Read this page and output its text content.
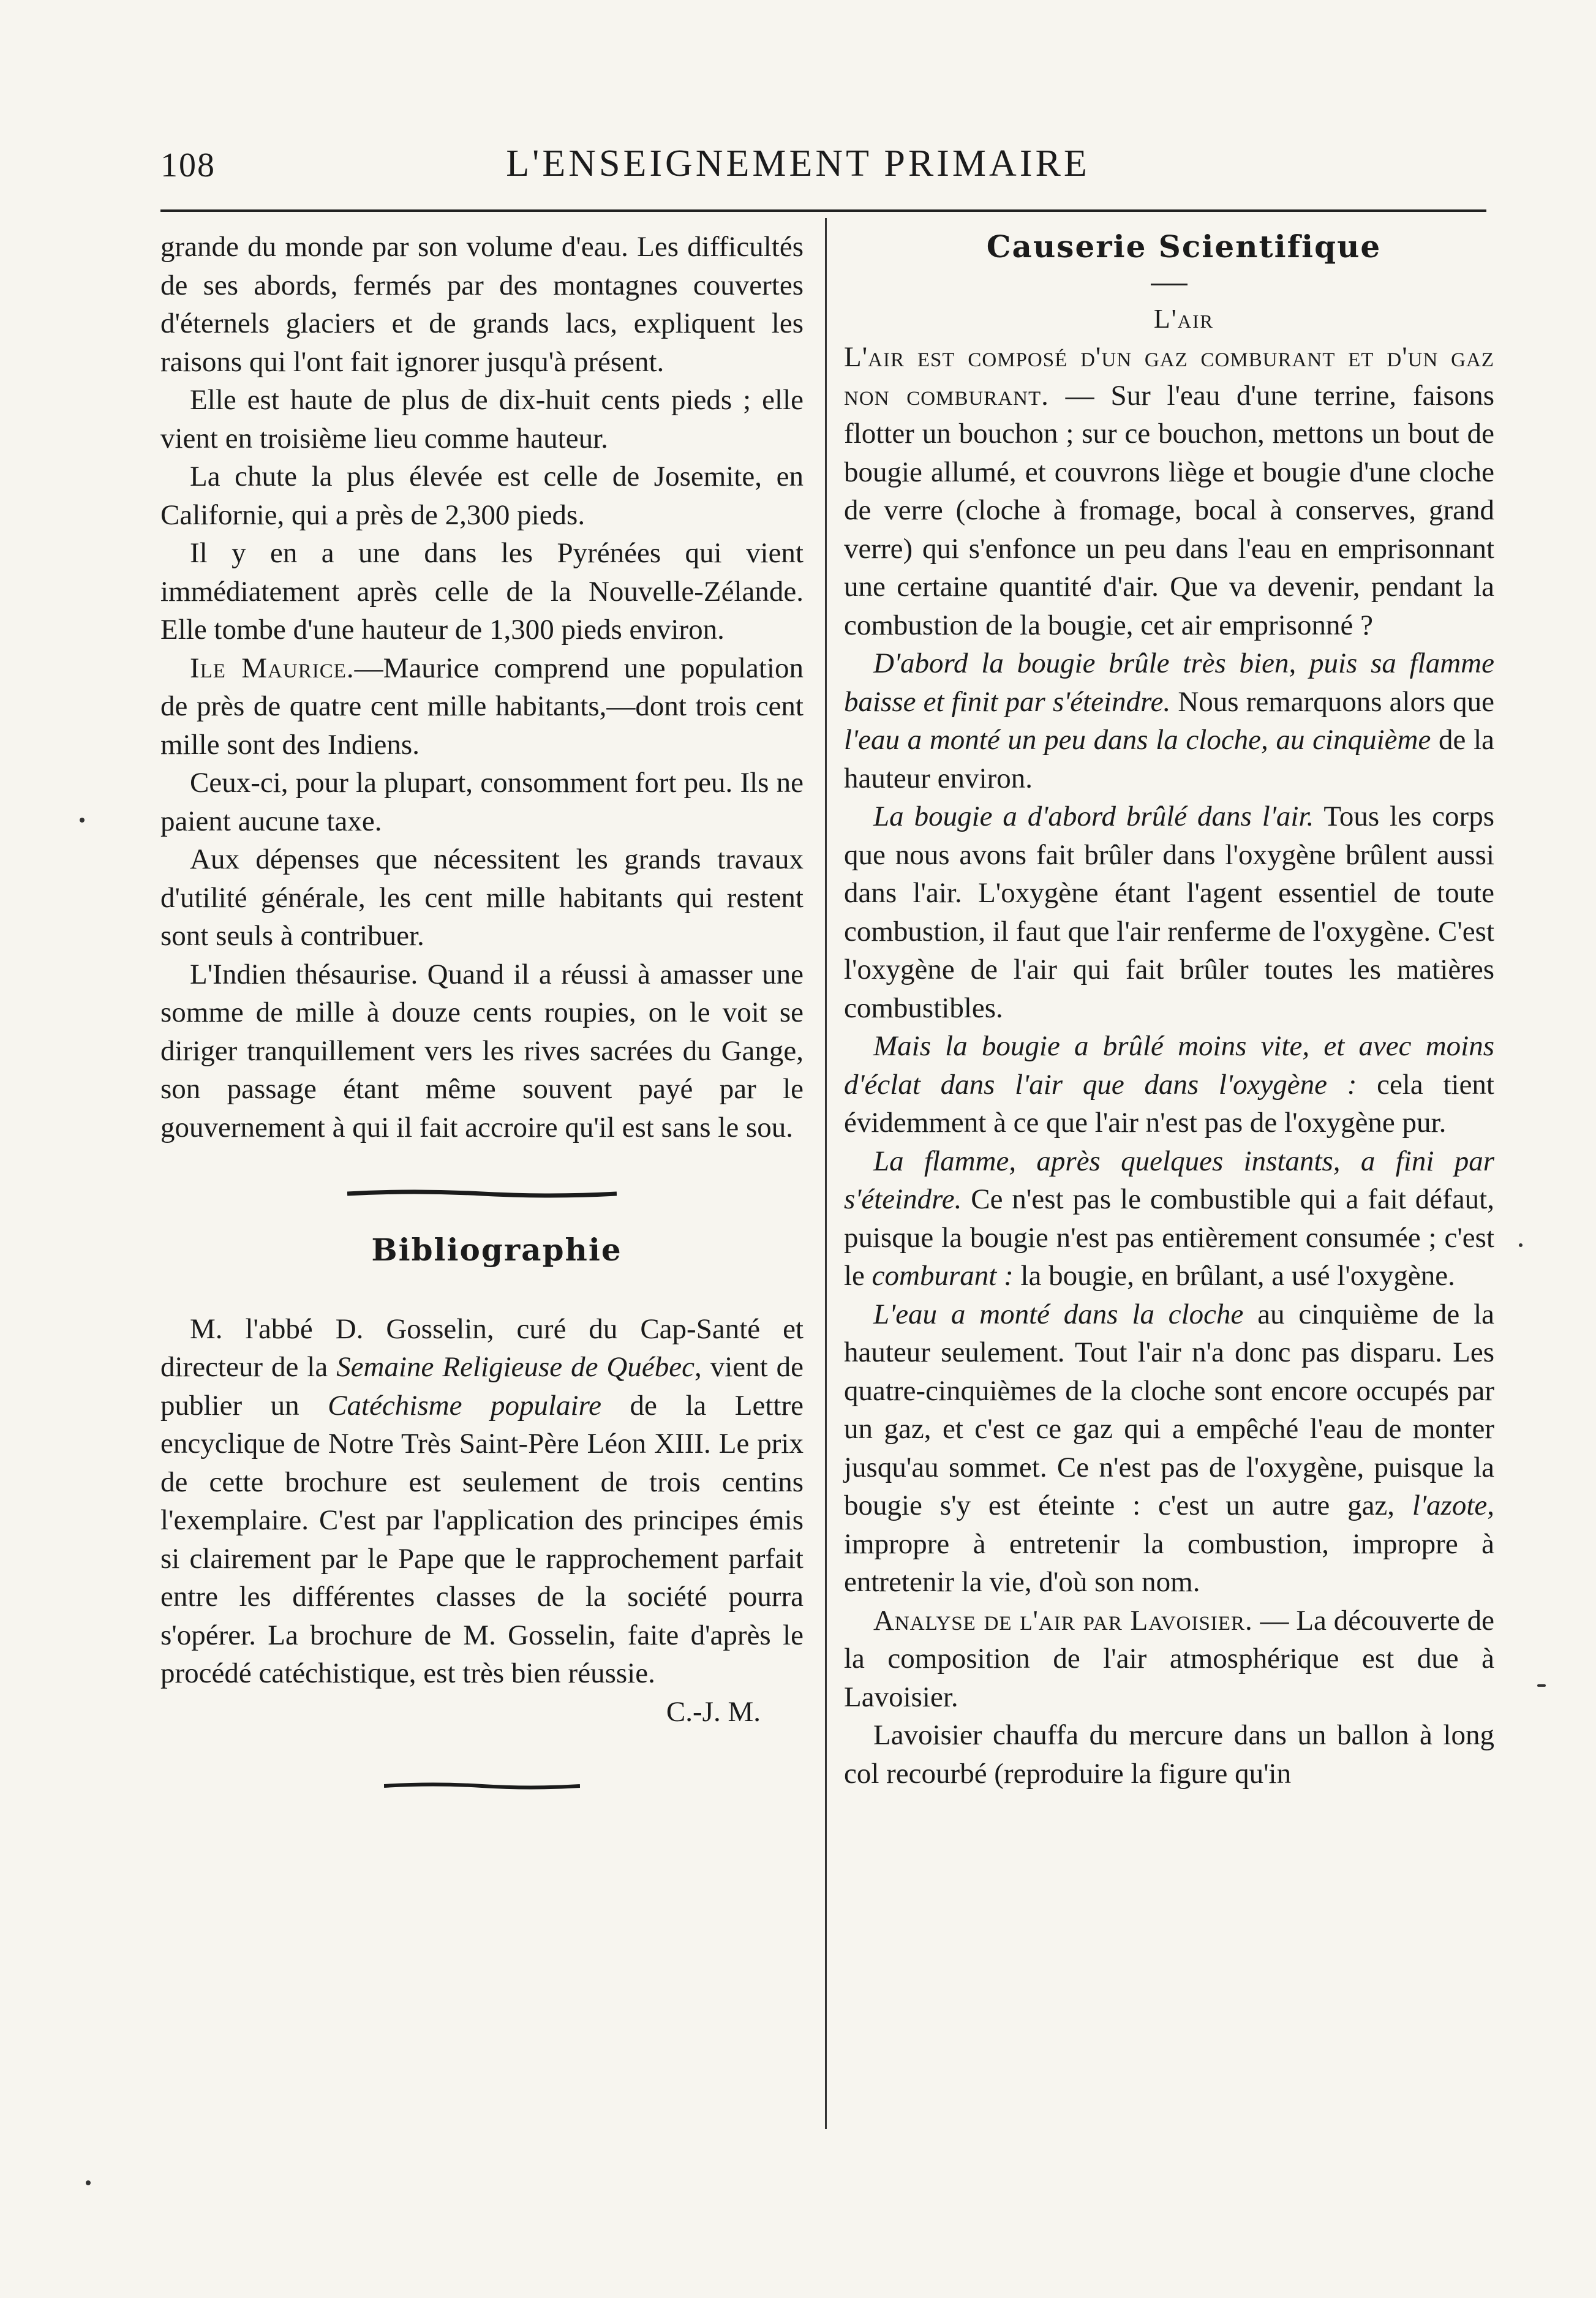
108	L'ENSEIGNEMENT PRIMAIRE

grande du monde par son volume d'eau. Les difficultés de ses abords, fermés par des montagnes couvertes d'éternels glaciers et de grands lacs, expliquent les raisons qui l'ont fait ignorer jusqu'à présent.

Elle est haute de plus de dix-huit cents pieds ; elle vient en troisième lieu comme hauteur.

La chute la plus élevée est celle de Josemite, en Californie, qui a près de 2,300 pieds.

Il y en a une dans les Pyrénées qui vient immédiatement après celle de la Nouvelle-Zélande. Elle tombe d'une hauteur de 1,300 pieds environ.

Ile Maurice.—Maurice comprend une population de près de quatre cent mille habitants,—dont trois cent mille sont des Indiens.

Ceux-ci, pour la plupart, consomment fort peu. Ils ne paient aucune taxe.

Aux dépenses que nécessitent les grands travaux d'utilité générale, les cent mille habitants qui restent sont seuls à contribuer.

L'Indien thésaurise. Quand il a réussi à amasser une somme de mille à douze cents roupies, on le voit se diriger tranquillement vers les rives sacrées du Gange, son passage étant même souvent payé par le gouvernement à qui il fait accroire qu'il est sans le sou.

Bibliographie

M. l'abbé D. Gosselin, curé du Cap-Santé et directeur de la Semaine Religieuse de Québec, vient de publier un Catéchisme populaire de la Lettre encyclique de Notre Très Saint-Père Léon XIII. Le prix de cette brochure est seulement de trois centins l'exemplaire. C'est par l'application des principes émis si clairement par le Pape que le rapprochement parfait entre les différentes classes de la société pourra s'opérer. La brochure de M. Gosselin, faite d'après le procédé catéchistique, est très bien réussie.

C.-J. M.

Causerie Scientifique

L'air

L'air est composé d'un gaz comburant et d'un gaz non comburant. — Sur l'eau d'une terrine, faisons flotter un bouchon ; sur ce bouchon, mettons un bout de bougie allumé, et couvrons liège et bougie d'une cloche de verre (cloche à fromage, bocal à conserves, grand verre) qui s'enfonce un peu dans l'eau en emprisonnant une certaine quantité d'air. Que va devenir, pendant la combustion de la bougie, cet air emprisonné ?

D'abord la bougie brûle très bien, puis sa flamme baisse et finit par s'éteindre. Nous remarquons alors que l'eau a monté un peu dans la cloche, au cinquième de la hauteur environ.

La bougie a d'abord brûlé dans l'air. Tous les corps que nous avons fait brûler dans l'oxygène brûlent aussi dans l'air. L'oxygène étant l'agent essentiel de toute combustion, il faut que l'air renferme de l'oxygène. C'est l'oxygène de l'air qui fait brûler toutes les matières combustibles.

Mais la bougie a brûlé moins vite, et avec moins d'éclat dans l'air que dans l'oxygène : cela tient évidemment à ce que l'air n'est pas de l'oxygène pur.

La flamme, après quelques instants, a fini par s'éteindre. Ce n'est pas le combustible qui a fait défaut, puisque la bougie n'est pas entièrement consumée ; c'est le comburant : la bougie, en brûlant, a usé l'oxygène.

L'eau a monté dans la cloche au cinquième de la hauteur seulement. Tout l'air n'a donc pas disparu. Les quatre-cinquièmes de la cloche sont encore occupés par un gaz, et c'est ce gaz qui a empêché l'eau de monter jusqu'au sommet. Ce n'est pas de l'oxygène, puisque la bougie s'y est éteinte : c'est un autre gaz, l'azote, impropre à entretenir la combustion, impropre à entretenir la vie, d'où son nom.

Analyse de l'air par Lavoisier. — La découverte de la composition de l'air atmosphérique est due à Lavoisier.

Lavoisier chauffa du mercure dans un ballon à long col recourbé (reproduire la figure qu'in
